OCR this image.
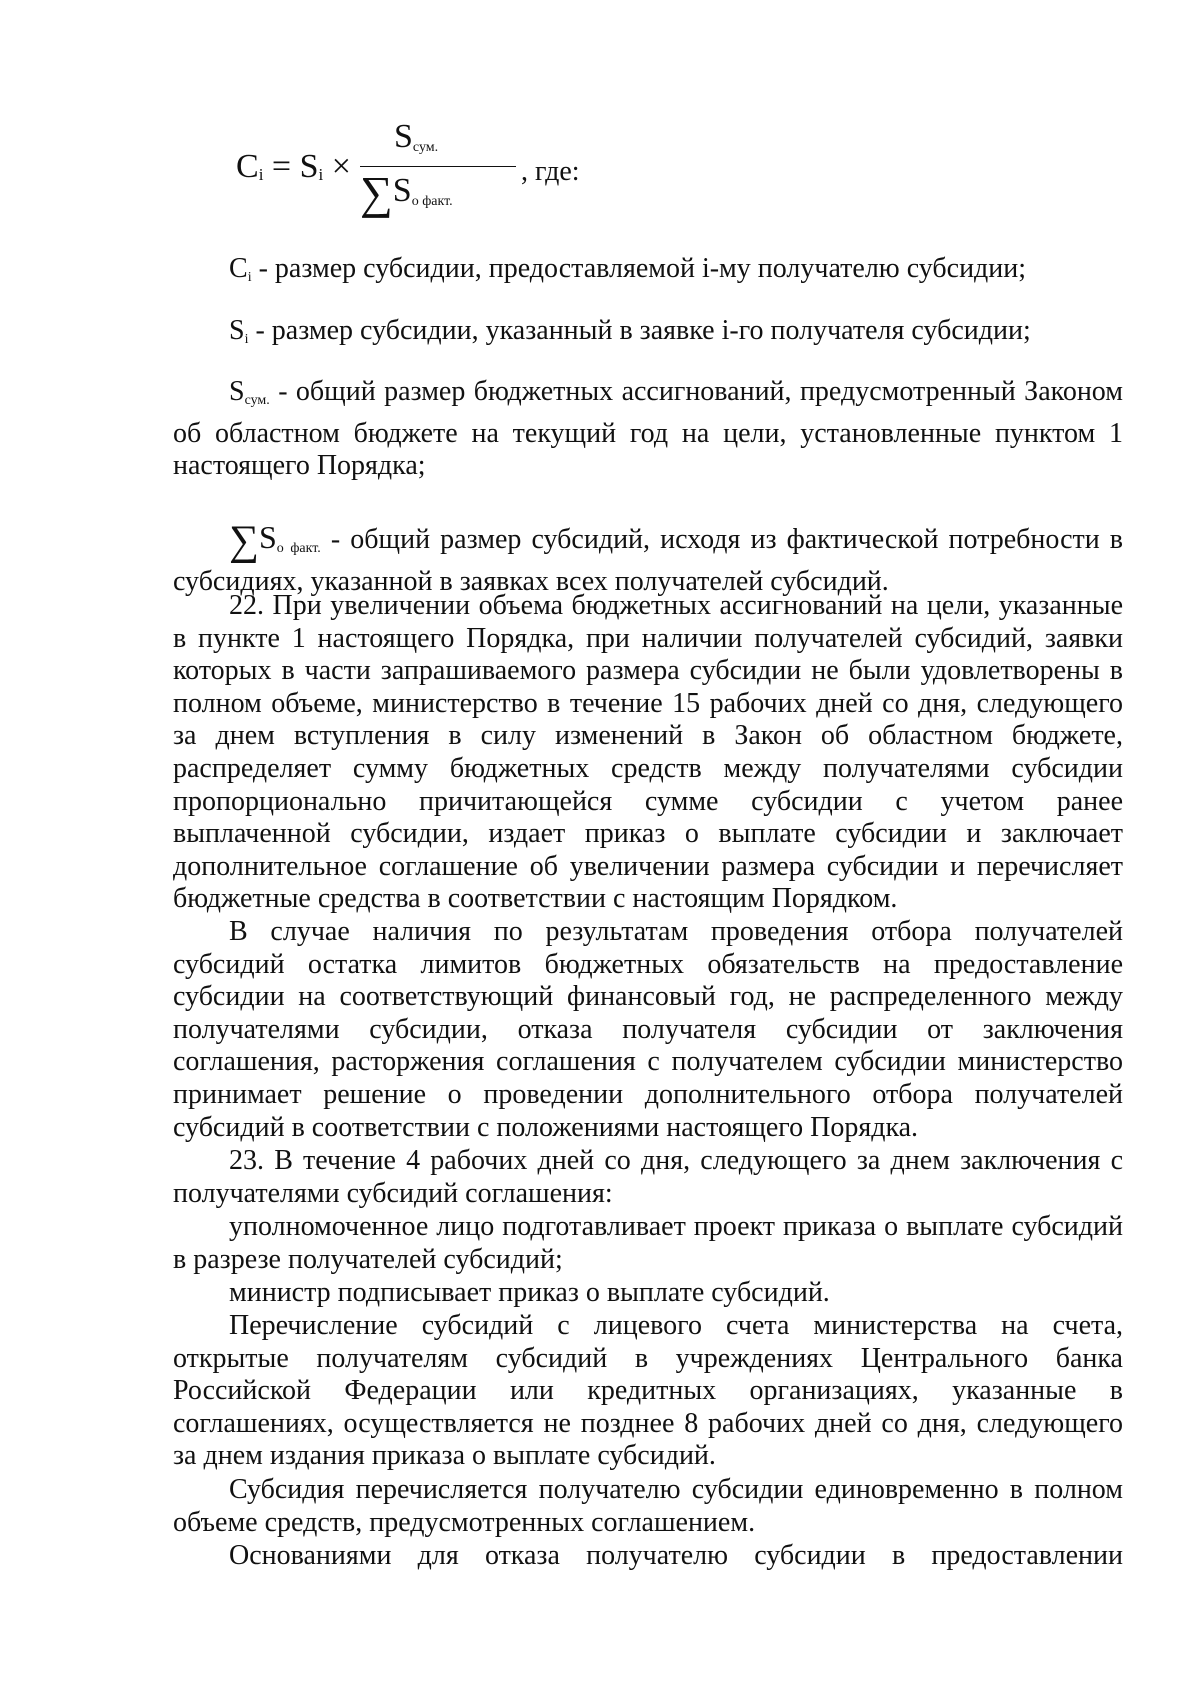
$C_i = S_i$ ×
$S_{сум.}$
$\sum S_{о факт.}$
, где:

$C_i$ - размер субсидии, предоставляемой i-му получателю субсидии;

$S_i$ - размер субсидии, указанный в заявке i-го получателя субсидии;

$S_{сум.}$ - общий размер бюджетных ассигнований, предусмотренный Законом об областном бюджете на текущий год на цели, установленные пунктом 1 настоящего Порядка;

$\sum S_{о факт.}$ - общий размер субсидий, исходя из фактической потребности в субсидиях, указанной в заявках всех получателей субсидий.

22. При увеличении объема бюджетных ассигнований на цели, указанные в пункте 1 настоящего Порядка, при наличии получателей субсидий, заявки которых в части запрашиваемого размера субсидии не были удовлетворены в полном объеме, министерство в течение 15 рабочих дней со дня, следующего за днем вступления в силу изменений в Закон об областном бюджете, распределяет сумму бюджетных средств между получателями субсидии пропорционально причитающейся сумме субсидии с учетом ранее выплаченной субсидии, издает приказ о выплате субсидии и заключает дополнительное соглашение об увеличении размера субсидии и перечисляет бюджетные средства в соответствии с настоящим Порядком.

В случае наличия по результатам проведения отбора получателей субсидий остатка лимитов бюджетных обязательств на предоставление субсидии на соответствующий финансовый год, не распределенного между получателями субсидии, отказа получателя субсидии от заключения соглашения, расторжения соглашения с получателем субсидии министерство принимает решение о проведении дополнительного отбора получателей субсидий в соответствии с положениями настоящего Порядка.

23. В течение 4 рабочих дней со дня, следующего за днем заключения с получателями субсидий соглашения:

уполномоченное лицо подготавливает проект приказа о выплате субсидий в разрезе получателей субсидий;

министр подписывает приказ о выплате субсидий.

Перечисление субсидий с лицевого счета министерства на счета, открытые получателям субсидий в учреждениях Центрального банка Российской Федерации или кредитных организациях, указанные в соглашениях, осуществляется не позднее 8 рабочих дней со дня, следующего за днем издания приказа о выплате субсидий.

Субсидия перечисляется получателю субсидии единовременно в полном объеме средств, предусмотренных соглашением.

Основаниями для отказа получателю субсидии в предоставлении
